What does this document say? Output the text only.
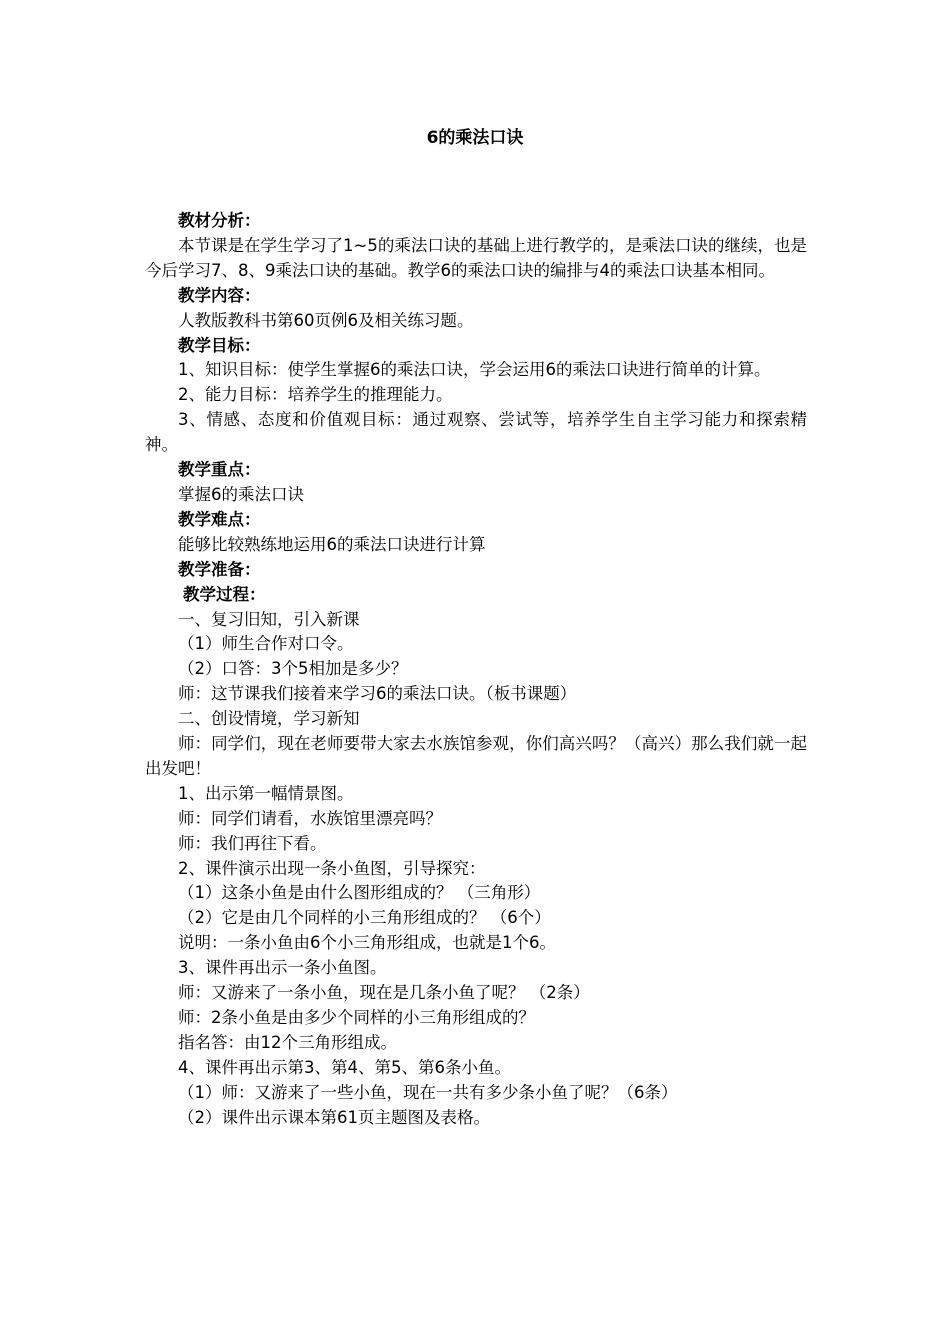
6的乘法口诀

教材分析：

本节课是在学生学习了1~5的乘法口诀的基础上进行教学的，是乘法口诀的继续，也是今后学习7、8、9乘法口诀的基础。教学6的乘法口诀的编排与4的乘法口诀基本相同。

教学内容：

人教版教科书第60页例6及相关练习题。

教学目标：

1、知识目标：使学生掌握6的乘法口诀，学会运用6的乘法口诀进行简单的计算。

2、能力目标：培养学生的推理能力。

3、情感、态度和价值观目标：通过观察、尝试等，培养学生自主学习能力和探索精神。

教学重点：

掌握6的乘法口诀

教学难点：

能够比较熟练地运用6的乘法口诀进行计算

教学准备：

教学过程：

一、复习旧知，引入新课

（1）师生合作对口令。

（2）口答：3个5相加是多少？

师：这节课我们接着来学习6的乘法口诀。（板书课题）

二、创设情境，学习新知

师：同学们，现在老师要带大家去水族馆参观，你们高兴吗？（高兴）那么我们就一起出发吧！

1、出示第一幅情景图。

师：同学们请看，水族馆里漂亮吗？

师：我们再往下看。

2、课件演示出现一条小鱼图，引导探究：

（1）这条小鱼是由什么图形组成的？ （三角形）

（2）它是由几个同样的小三角形组成的？ （6个）

说明：一条小鱼由6个小三角形组成，也就是1个6。

3、课件再出示一条小鱼图。

师：又游来了一条小鱼，现在是几条小鱼了呢？ （2条）

师：2条小鱼是由多少个同样的小三角形组成的？

指名答：由12个三角形组成。

4、课件再出示第3、第4、第5、第6条小鱼。

（1）师：又游来了一些小鱼，现在一共有多少条小鱼了呢？（6条）

（2）课件出示课本第61页主题图及表格。
